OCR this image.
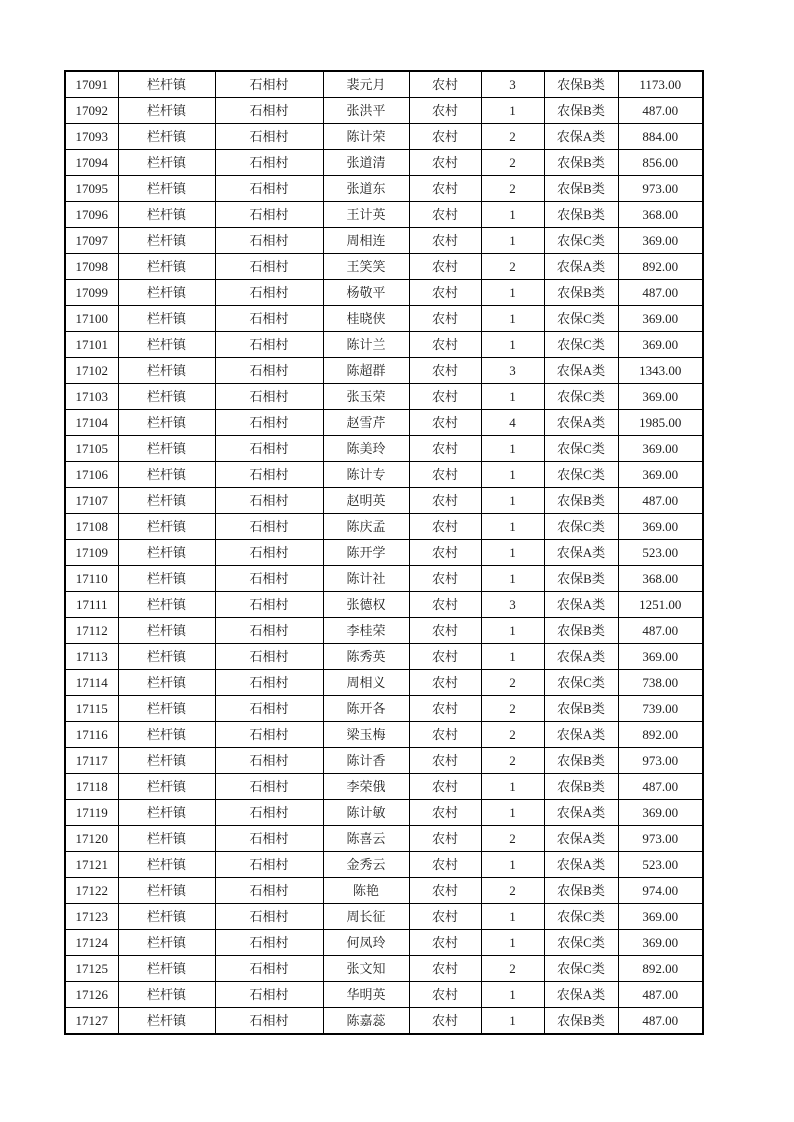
17091	栏杆镇	石相村	裴元月	农村	3	农保B类	1173.00
17092	栏杆镇	石相村	张洪平	农村	1	农保B类	487.00
17093	栏杆镇	石相村	陈计荣	农村	2	农保A类	884.00
17094	栏杆镇	石相村	张道清	农村	2	农保B类	856.00
17095	栏杆镇	石相村	张道东	农村	2	农保B类	973.00
17096	栏杆镇	石相村	王计英	农村	1	农保B类	368.00
17097	栏杆镇	石相村	周相连	农村	1	农保C类	369.00
17098	栏杆镇	石相村	王笑笑	农村	2	农保A类	892.00
17099	栏杆镇	石相村	杨敬平	农村	1	农保B类	487.00
17100	栏杆镇	石相村	桂晓侠	农村	1	农保C类	369.00
17101	栏杆镇	石相村	陈计兰	农村	1	农保C类	369.00
17102	栏杆镇	石相村	陈超群	农村	3	农保A类	1343.00
17103	栏杆镇	石相村	张玉荣	农村	1	农保C类	369.00
17104	栏杆镇	石相村	赵雪芹	农村	4	农保A类	1985.00
17105	栏杆镇	石相村	陈美玲	农村	1	农保C类	369.00
17106	栏杆镇	石相村	陈计专	农村	1	农保C类	369.00
17107	栏杆镇	石相村	赵明英	农村	1	农保B类	487.00
17108	栏杆镇	石相村	陈庆孟	农村	1	农保C类	369.00
17109	栏杆镇	石相村	陈开学	农村	1	农保A类	523.00
17110	栏杆镇	石相村	陈计社	农村	1	农保B类	368.00
17111	栏杆镇	石相村	张德权	农村	3	农保A类	1251.00
17112	栏杆镇	石相村	李桂荣	农村	1	农保B类	487.00
17113	栏杆镇	石相村	陈秀英	农村	1	农保A类	369.00
17114	栏杆镇	石相村	周相义	农村	2	农保C类	738.00
17115	栏杆镇	石相村	陈开各	农村	2	农保B类	739.00
17116	栏杆镇	石相村	梁玉梅	农村	2	农保A类	892.00
17117	栏杆镇	石相村	陈计香	农村	2	农保B类	973.00
17118	栏杆镇	石相村	李荣俄	农村	1	农保B类	487.00
17119	栏杆镇	石相村	陈计敏	农村	1	农保A类	369.00
17120	栏杆镇	石相村	陈喜云	农村	2	农保A类	973.00
17121	栏杆镇	石相村	金秀云	农村	1	农保A类	523.00
17122	栏杆镇	石相村	陈艳	农村	2	农保B类	974.00
17123	栏杆镇	石相村	周长征	农村	1	农保C类	369.00
17124	栏杆镇	石相村	何凤玲	农村	1	农保C类	369.00
17125	栏杆镇	石相村	张文知	农村	2	农保C类	892.00
17126	栏杆镇	石相村	华明英	农村	1	农保A类	487.00
17127	栏杆镇	石相村	陈嘉蕊	农村	1	农保B类	487.00
